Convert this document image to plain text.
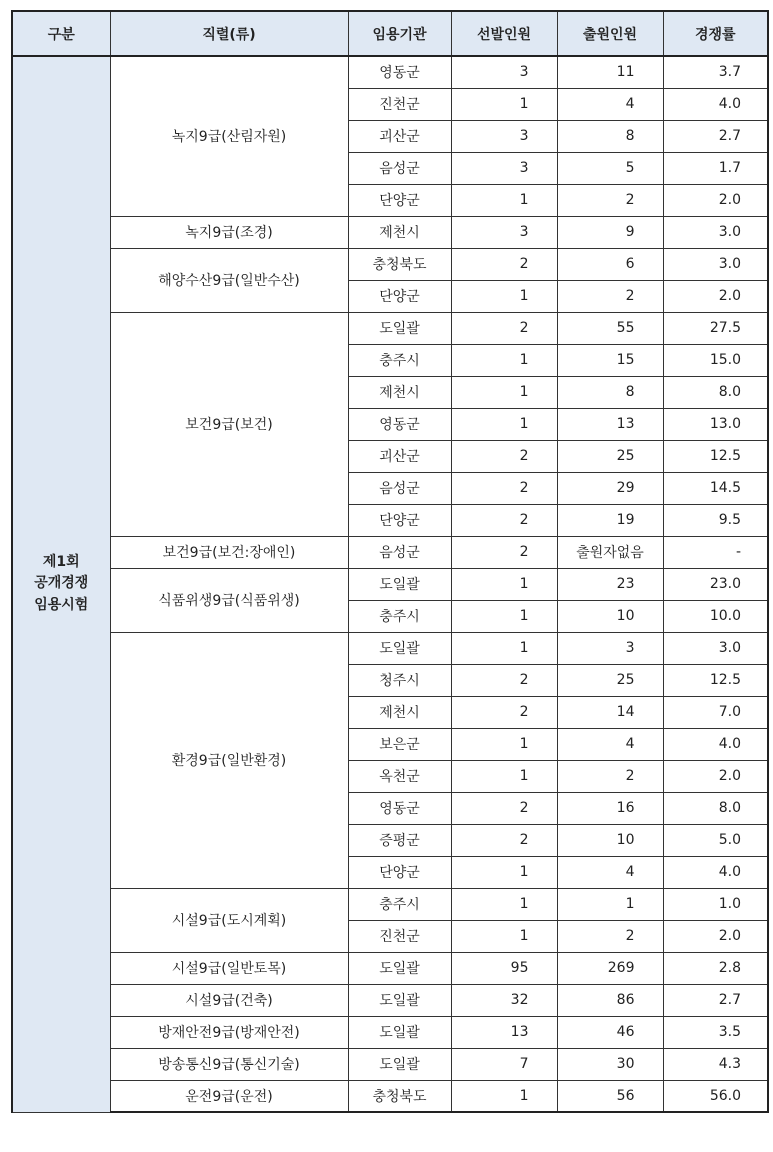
구분	직렬(류)	임용기관	선발인원	출원인원	경쟁률

제1회
공개경쟁
임용시험	녹지9급(산림자원)	영동군	3	11	3.7
		진천군	1	4	4.0
		괴산군	3	8	2.7
		음성군	3	5	1.7
		단양군	1	2	2.0
	녹지9급(조경)	제천시	3	9	3.0
	해양수산9급(일반수산)	충청북도	2	6	3.0
		단양군	1	2	2.0
	보건9급(보건)	도일괄	2	55	27.5
		충주시	1	15	15.0
		제천시	1	8	8.0
		영동군	1	13	13.0
		괴산군	2	25	12.5
		음성군	2	29	14.5
		단양군	2	19	9.5
	보건9급(보건:장애인)	음성군	2	출원자없음	-
	식품위생9급(식품위생)	도일괄	1	23	23.0
		충주시	1	10	10.0
	환경9급(일반환경)	도일괄	1	3	3.0
		청주시	2	25	12.5
		제천시	2	14	7.0
		보은군	1	4	4.0
		옥천군	1	2	2.0
		영동군	2	16	8.0
		증평군	2	10	5.0
		단양군	1	4	4.0
	시설9급(도시계획)	충주시	1	1	1.0
		진천군	1	2	2.0
	시설9급(일반토목)	도일괄	95	269	2.8
	시설9급(건축)	도일괄	32	86	2.7
	방재안전9급(방재안전)	도일괄	13	46	3.5
	방송통신9급(통신기술)	도일괄	7	30	4.3
	운전9급(운전)	충청북도	1	56	56.0
